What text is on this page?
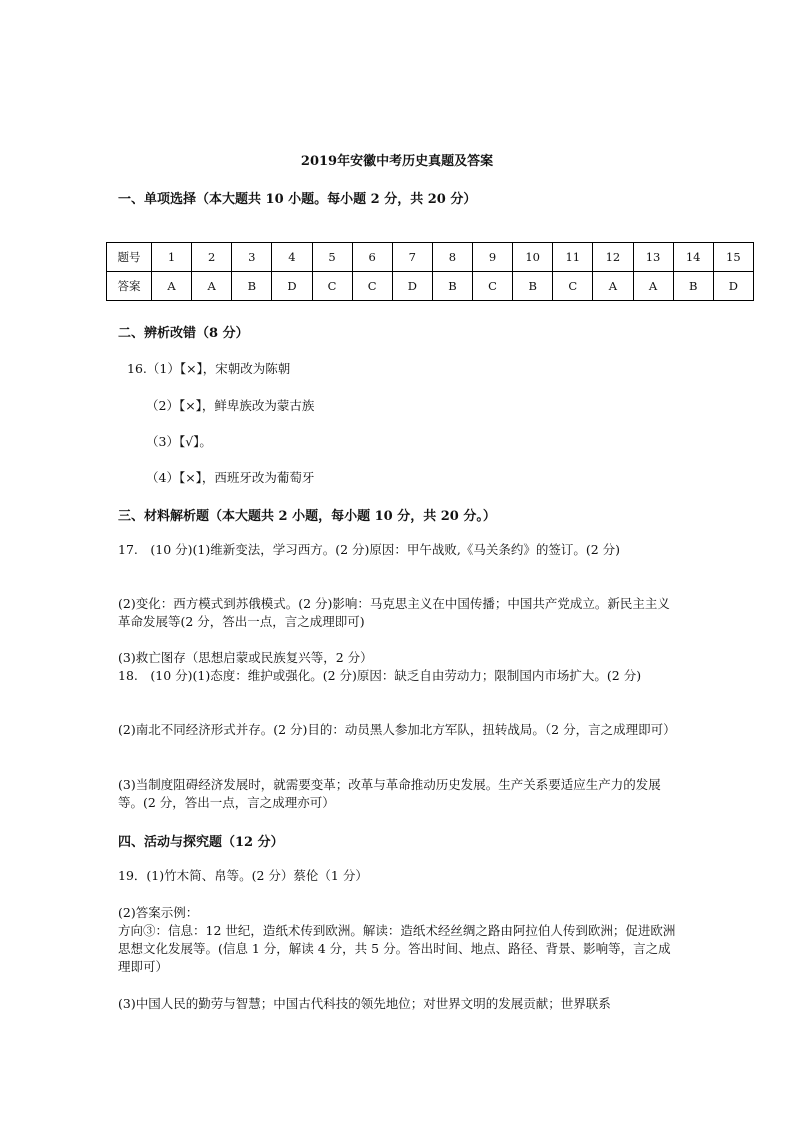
2019年安徽中考历史真题及答案
一、单项选择（本大题共 10 小题。每小题 2 分，共 20 分）
题号	1	2	3	4	5	6	7	8	9	10	11	12	13	14	15
答案	A	A	B	D	C	C	D	B	C	B	C	A	A	B	D
二、辨析改错（8 分）
16.（1）【×】，宋朝改为陈朝
（2）【×】，鲜卑族改为蒙古族
（3）【√】。
（4）【×】，西班牙改为葡萄牙
三、材料解析题（本大题共 2 小题，每小题 10 分，共 20 分。）
17.　(10 分)(1)维新变法，学习西方。(2 分)原因：甲午战败,《马关条约》的签订。(2 分)
(2)变化：西方模式到苏俄模式。(2 分)影响：马克思主义在中国传播；中国共产党成立。新民主主义革命发展等(2 分，答出一点，言之成理即可)
(3)救亡图存（思想启蒙或民族复兴等，2 分）
18.　(10 分)(1)态度：维护或强化。(2 分)原因：缺乏自由劳动力；限制国内市场扩大。(2 分)
(2)南北不同经济形式并存。(2 分)目的：动员黑人参加北方军队，扭转战局。（2 分，言之成理即可）
(3)当制度阻碍经济发展时，就需要变革；改革与革命推动历史发展。生产关系要适应生产力的发展等。(2 分，答出一点，言之成理亦可）
四、活动与探究题（12 分）
19．(1)竹木简、帛等。(2 分）蔡伦（1 分）
(2)答案示例：
方向③：信息：12 世纪，造纸术传到欧洲。解读：造纸术经丝绸之路由阿拉伯人传到欧洲；促进欧洲思想文化发展等。(信息 1 分，解读 4 分，共 5 分。答出时间、地点、路径、背景、影响等，言之成理即可）
(3)中国人民的勤劳与智慧；中国古代科技的领先地位；对世界文明的发展贡献；世界联系
